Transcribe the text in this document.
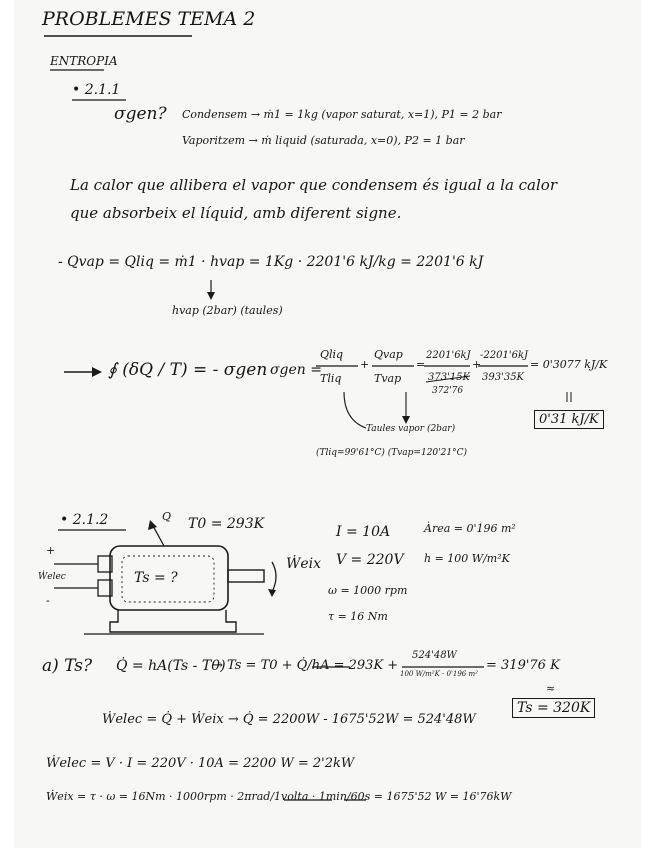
PROBLEMES TEMA 2
ENTROPIA
• 2.1.1
σgen? Condensem → ṁ1 = 1kg (vapor saturat, x=1), P1 = 2 bar
Vaporitzem → ṁ liquid (saturada, x=0), P2 = 1 bar
La calor que allibera el vapor que condensem és igual a la calor
que absorbeix el líquid, amb diferent signe.
- Qvap = Qliq = ṁ1 · hvap = 1Kg · 2201'6 kJ/kg = 2201'6 kJ
hvap (2bar) (taules)
∮ (δQ / T) = - σgen σgen =
Qliq
Tliq
+
Qvap
Tvap
=
2201'6kJ
373'15K
372'76
+
-2201'6kJ
393'35K
= 0'3077 kJ/K
Taules vapor (2bar)
(Tliq=99'61°C) (Tvap=120'21°C)
0'31 kJ/K
• 2.1.2	Q T0 = 293K
Ts = ?
Ẇeix
Ẇelec
+
-
I = 10A
V = 220V
ω = 1000 rpm
τ = 16 Nm
Àrea = 0'196 m²
h = 100 W/m²K
a) Ts? Q̇ = hA(Ts - T0)
→ Ts = T0 + Q̇/hA = 293K +
524'48W
100 W/m²K · 0'196 m²
= 319'76 K
≈
Ts = 320K
Ẇelec = Q̇ + Ẇeix → Q̇ = 2200W - 1675'52W = 524'48W
Ẇelec = V · I = 220V · 10A = 2200 W = 2'2kW
Ẇeix = τ · ω = 16Nm · 1000rpm · 2πrad/1volta · 1min/60s = 1675'52 W = 16'76kW
